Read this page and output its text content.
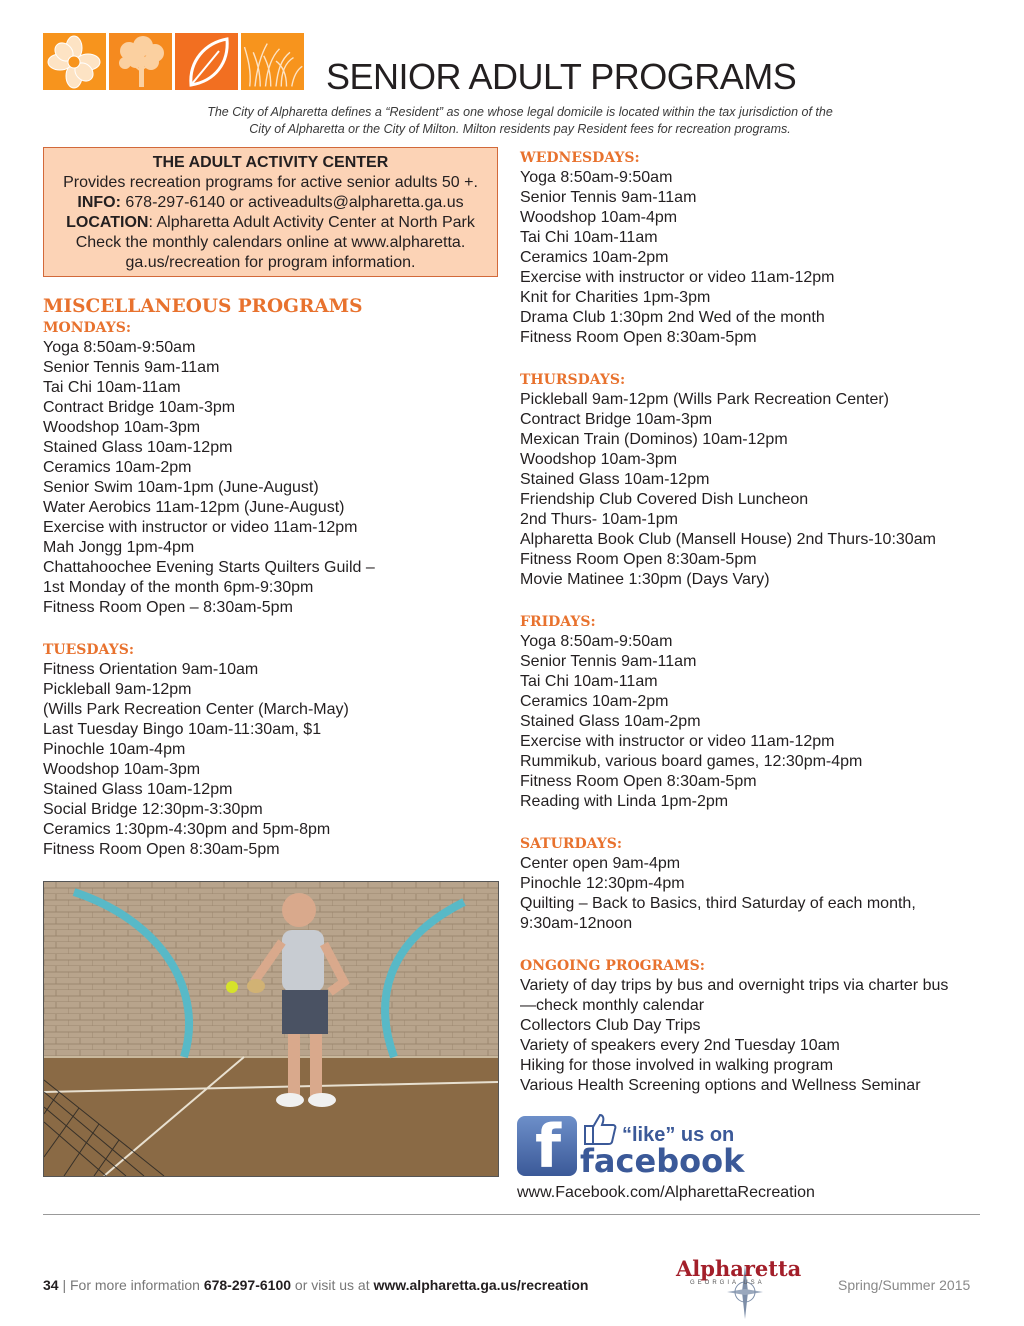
SENIOR ADULT PROGRAMS
The City of Alpharetta defines a “Resident” as one whose legal domicile is located within the tax jurisdiction of the
City of Alpharetta or the City of Milton. Milton residents pay Resident fees for recreation programs.
THE ADULT ACTIVITY CENTER
Provides recreation programs for active senior adults 50 +.
INFO: 678-297-6140 or activeadults@alpharetta.ga.us
LOCATION: Alpharetta Adult Activity Center at North Park
Check the monthly calendars online at www.alpharetta.
ga.us/recreation for program information.
MISCELLANEOUS PROGRAMS
MONDAYS:
Yoga 8:50am-9:50am
Senior Tennis 9am-11am
Tai Chi 10am-11am
Contract Bridge 10am-3pm
Woodshop 10am-3pm
Stained Glass 10am-12pm
Ceramics 10am-2pm
Senior Swim 10am-1pm (June-August)
Water Aerobics 11am-12pm (June-August)
Exercise with instructor or video 11am-12pm
Mah Jongg 1pm-4pm
Chattahoochee Evening Starts Quilters Guild –
1st Monday of the month 6pm-9:30pm
Fitness Room Open – 8:30am-5pm
TUESDAYS:
Fitness Orientation 9am-10am
Pickleball 9am-12pm
(Wills Park Recreation Center (March-May)
Last Tuesday Bingo 10am-11:30am, $1
Pinochle 10am-4pm
Woodshop 10am-3pm
Stained Glass 10am-12pm
Social Bridge 12:30pm-3:30pm
Ceramics 1:30pm-4:30pm and 5pm-8pm
Fitness Room Open 8:30am-5pm
WEDNESDAYS:
Yoga 8:50am-9:50am
Senior Tennis 9am-11am
Woodshop 10am-4pm
Tai Chi 10am-11am
Ceramics 10am-2pm
Exercise with instructor or video 11am-12pm
Knit for Charities 1pm-3pm
Drama Club 1:30pm 2nd Wed of the month
Fitness Room Open 8:30am-5pm
THURSDAYS:
Pickleball 9am-12pm (Wills Park Recreation Center)
Contract Bridge 10am-3pm
Mexican Train (Dominos) 10am-12pm
Woodshop 10am-3pm
Stained Glass 10am-12pm
Friendship Club Covered Dish Luncheon
2nd Thurs- 10am-1pm
Alpharetta Book Club (Mansell House) 2nd Thurs-10:30am
Fitness Room Open 8:30am-5pm
Movie Matinee 1:30pm (Days Vary)
FRIDAYS:
Yoga 8:50am-9:50am
Senior Tennis 9am-11am
Tai Chi 10am-11am
Ceramics 10am-2pm
Stained Glass 10am-2pm
Exercise with instructor or video 11am-12pm
Rummikub, various board games, 12:30pm-4pm
Fitness Room Open 8:30am-5pm
Reading with Linda 1pm-2pm
SATURDAYS:
Center open 9am-4pm
Pinochle 12:30pm-4pm
Quilting – Back to Basics, third Saturday of each month,
9:30am-12noon
ONGOING PROGRAMS:
Variety of day trips by bus and overnight trips via charter bus
—check monthly calendar
Collectors Club Day Trips
Variety of speakers every 2nd Tuesday 10am
Hiking for those involved in walking program
Various Health Screening options and Wellness Seminar
f	“like” us on
facebook
www.Facebook.com/AlpharettaRecreation
34 | For more information 678-297-6100 or visit us at www.alpharetta.ga.us/recreation
Alpharetta
GEORGIA USA	Spring/Summer 2015
